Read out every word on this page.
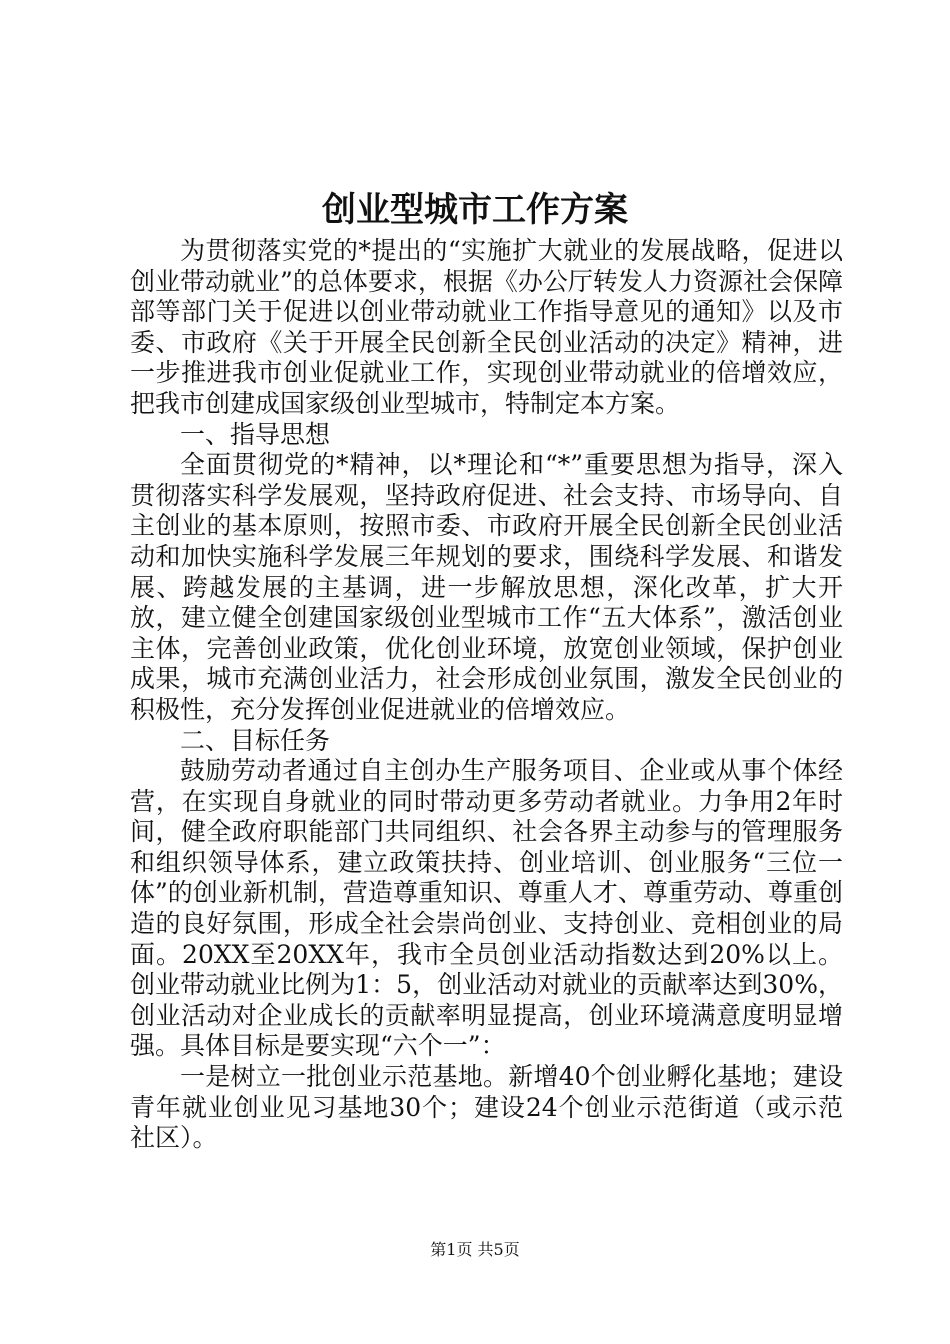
创业型城市工作方案

为贯彻落实党的*提出的“实施扩大就业的发展战略，促进以创业带动就业”的总体要求，根据《办公厅转发人力资源社会保障部等部门关于促进以创业带动就业工作指导意见的通知》以及市委、市政府《关于开展全民创新全民创业活动的决定》精神，进一步推进我市创业促就业工作，实现创业带动就业的倍增效应，把我市创建成国家级创业型城市，特制定本方案。

一、指导思想

全面贯彻党的*精神，以*理论和“*”重要思想为指导，深入贯彻落实科学发展观，坚持政府促进、社会支持、市场导向、自主创业的基本原则，按照市委、市政府开展全民创新全民创业活动和加快实施科学发展三年规划的要求，围绕科学发展、和谐发展、跨越发展的主基调，进一步解放思想，深化改革，扩大开放，建立健全创建国家级创业型城市工作“五大体系”，激活创业主体，完善创业政策，优化创业环境，放宽创业领域，保护创业成果，城市充满创业活力，社会形成创业氛围，激发全民创业的积极性，充分发挥创业促进就业的倍增效应。

二、目标任务

鼓励劳动者通过自主创办生产服务项目、企业或从事个体经营，在实现自身就业的同时带动更多劳动者就业。力争用2年时间，健全政府职能部门共同组织、社会各界主动参与的管理服务和组织领导体系，建立政策扶持、创业培训、创业服务“三位一体”的创业新机制，营造尊重知识、尊重人才、尊重劳动、尊重创造的良好氛围，形成全社会崇尚创业、支持创业、竞相创业的局面。20XX至20XX年，我市全员创业活动指数达到20%以上。创业带动就业比例为1：5，创业活动对就业的贡献率达到30%，创业活动对企业成长的贡献率明显提高，创业环境满意度明显增强。具体目标是要实现“六个一”：

一是树立一批创业示范基地。新增40个创业孵化基地；建设青年就业创业见习基地30个；建设24个创业示范街道（或示范社区）。

第1页 共5页
